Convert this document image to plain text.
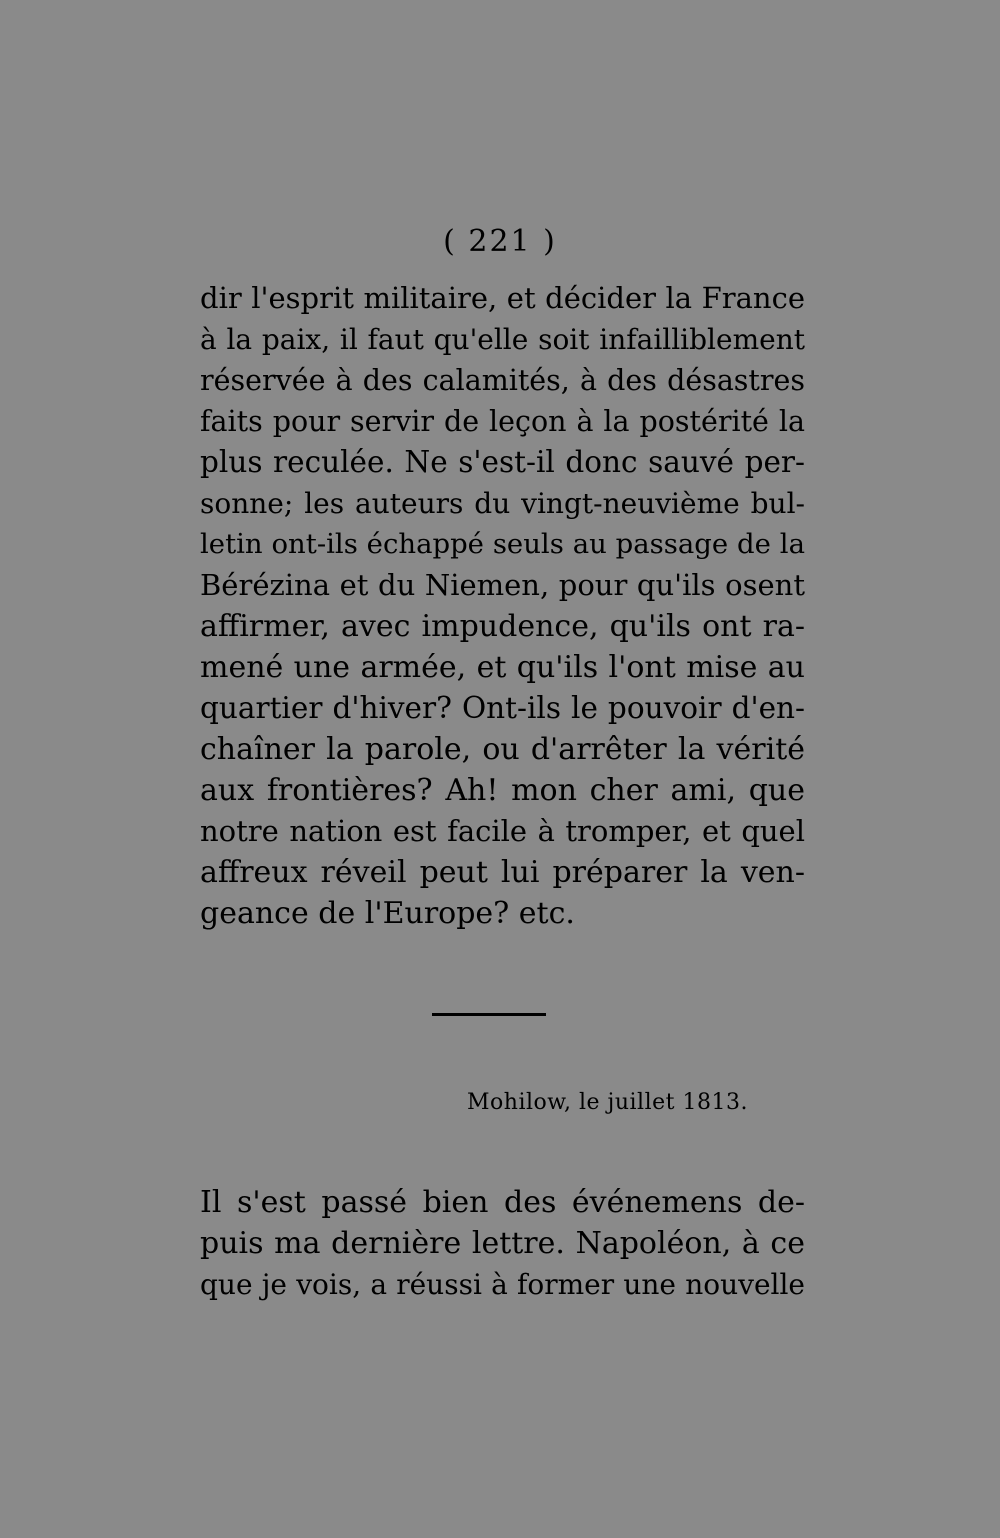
( 221 )
dir l'esprit militaire, et décider la France
à la paix, il faut qu'elle soit infailliblement
réservée à des calamités, à des désastres
faits pour servir de leçon à la postérité la
plus reculée. Ne s'est-il donc sauvé per-
sonne; les auteurs du vingt-neuvième bul-
letin ont-ils échappé seuls au passage de la
Bérézina et du Niemen, pour qu'ils osent
affirmer, avec impudence, qu'ils ont ra-
mené une armée, et qu'ils l'ont mise au
quartier d'hiver? Ont-ils le pouvoir d'en-
chaîner la parole, ou d'arrêter la vérité
aux frontières? Ah! mon cher ami, que
notre nation est facile à tromper, et quel
affreux réveil peut lui préparer la ven-
geance de l'Europe? etc.
Mohilow, le juillet 1813.
Il s'est passé bien des événemens de-
puis ma dernière lettre. Napoléon, à ce
que je vois, a réussi à former une nouvelle
